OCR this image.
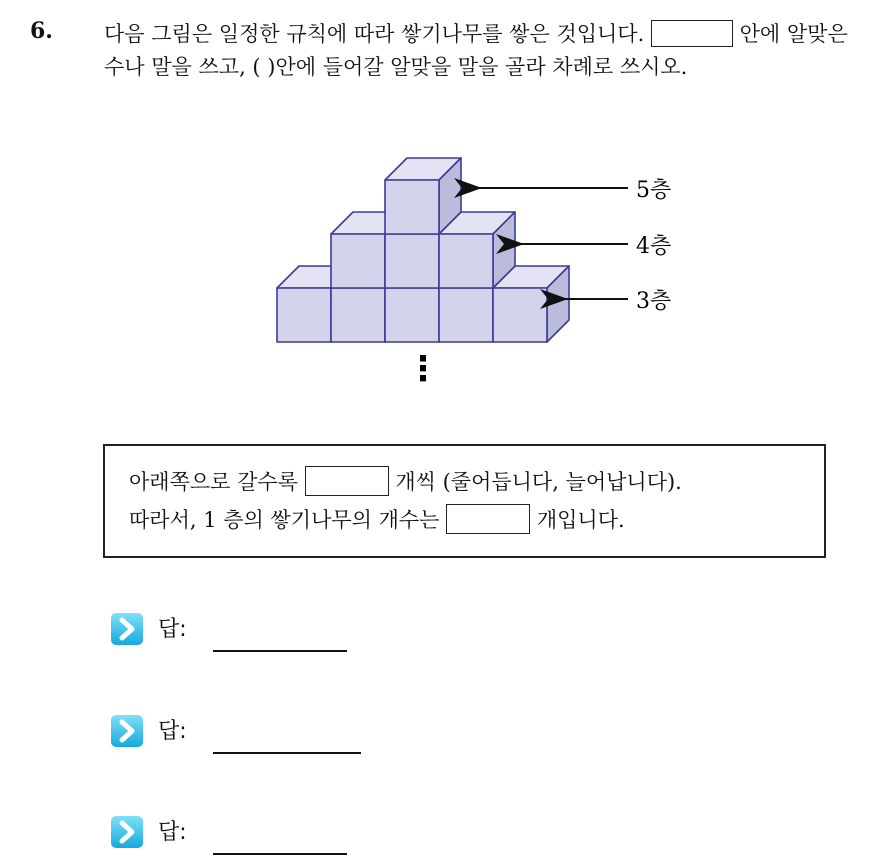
6. 다음 그림은 일정한 규칙에 따라 쌓기나무를 쌓은 것입니다.	안에 알맞은 수나 말을 쓰고, ( )안에 들어갈 알맞을 말을 골라 차례로 쓰시오.
5층
4층
3층
⋮
아래쪽으로 갈수록	개씩 (줄어듭니다, 늘어납니다).
따라서, 1 층의 쌓기나무의 개수는	개입니다.
답:
답:
답:
